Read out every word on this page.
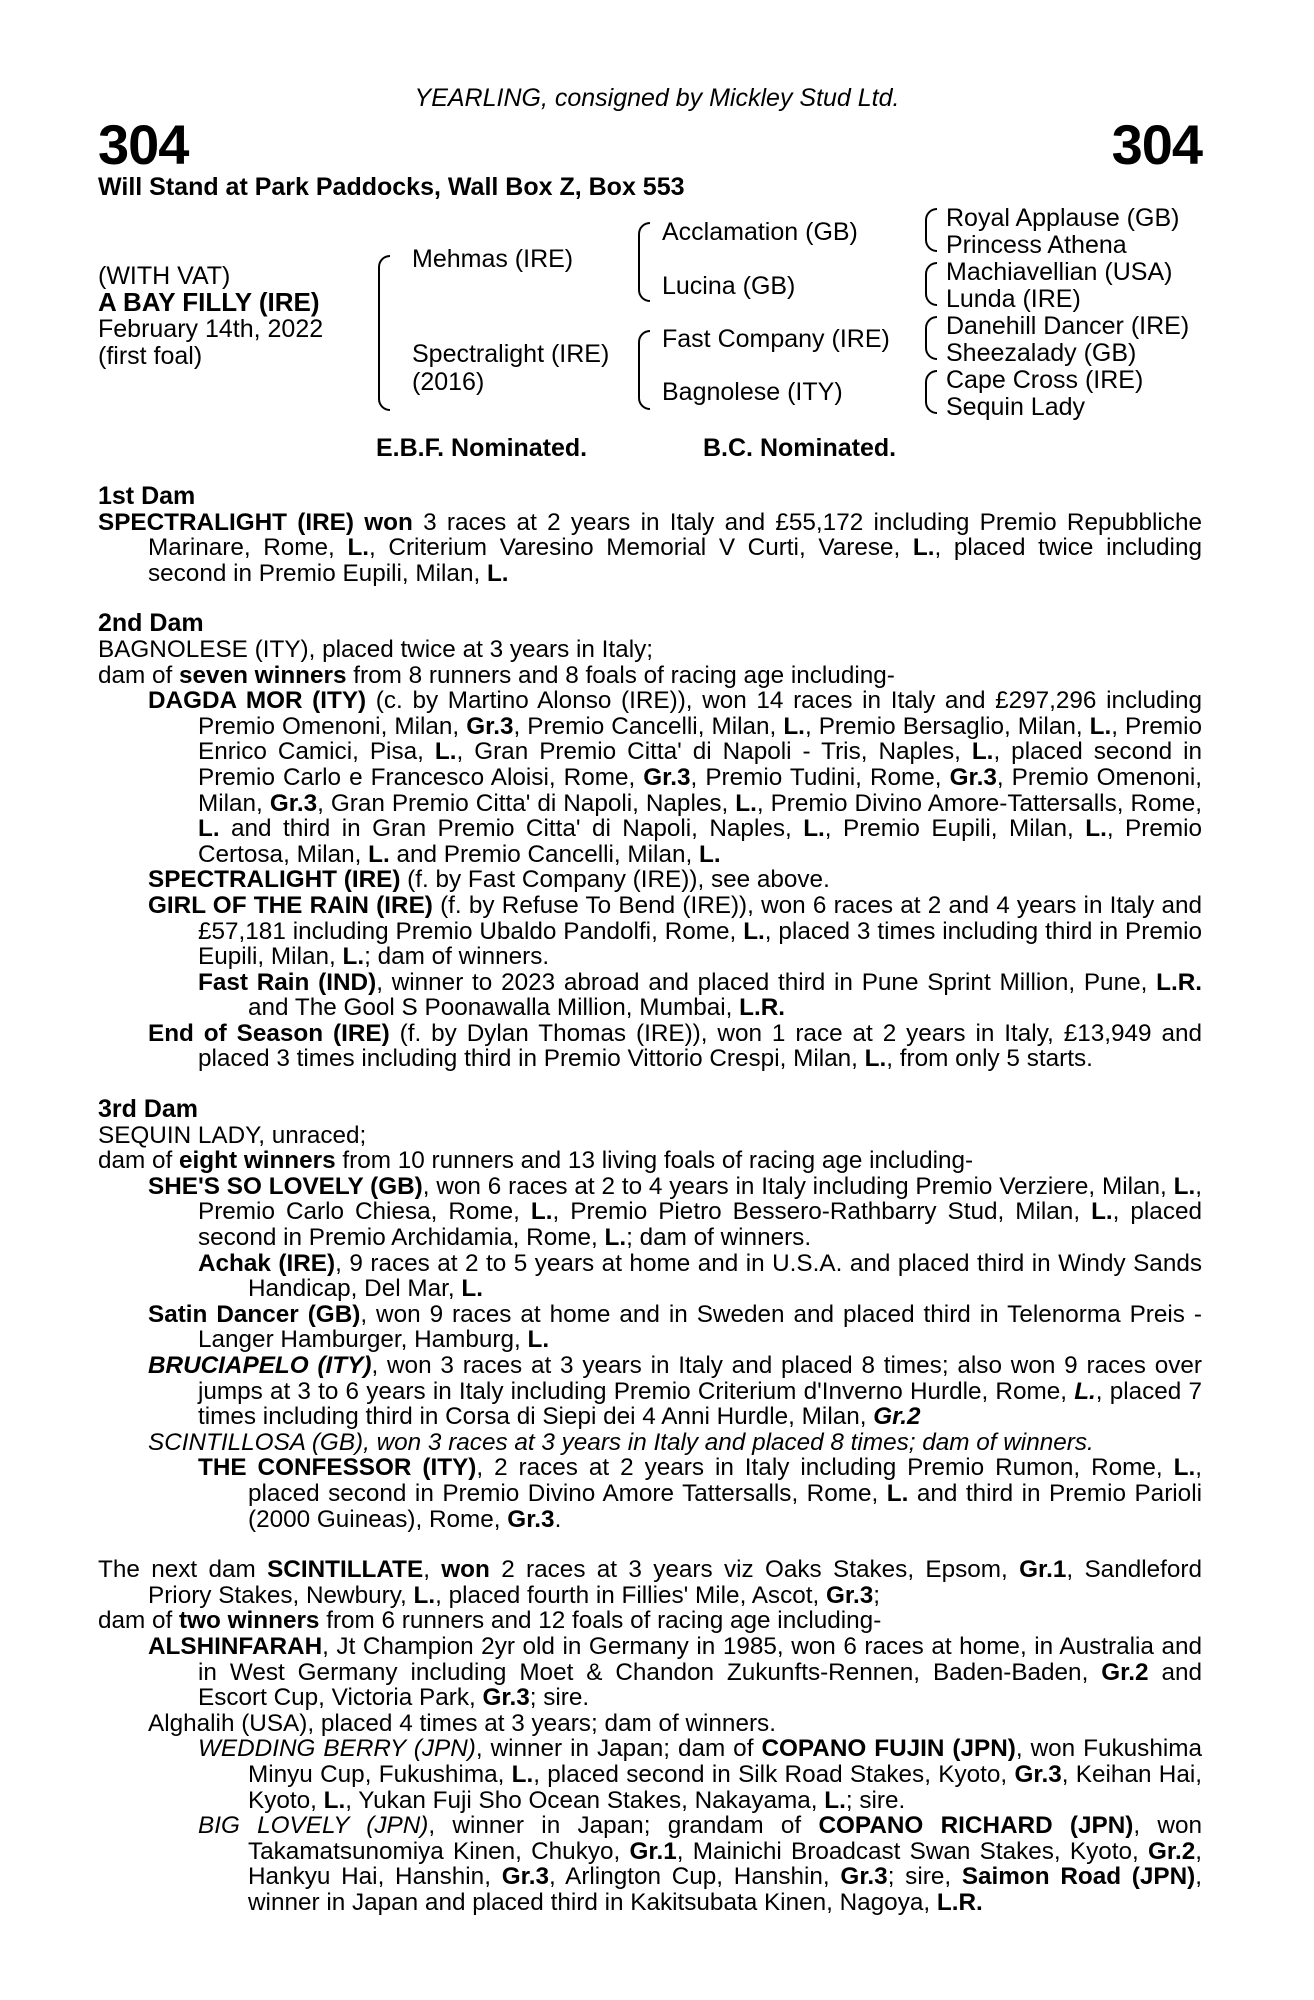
304
YEARLING, consigned by Mickley Stud Ltd.
304
Will Stand at Park Paddocks, Wall Box Z, Box 553
(WITH VAT)
A BAY FILLY (IRE)
February 14th, 2022
(first foal)
Mehmas (IRE)
Spectralight (IRE)
(2016)
Acclamation (GB)
Lucina (GB)
Fast Company (IRE)
Bagnolese (ITY)
Royal Applause (GB)
Princess Athena
Machiavellian (USA)
Lunda (IRE)
Danehill Dancer (IRE)
Sheezalady (GB)
Cape Cross (IRE)
Sequin Lady
E.B.F. Nominated.	B.C. Nominated.

1st Dam

SPECTRALIGHT (IRE) won 3 races at 2 years in Italy and £55,172 including Premio Repubbliche Marinare, Rome, L., Criterium Varesino Memorial V Curti, Varese, L., placed twice including second in Premio Eupili, Milan, L.

2nd Dam

BAGNOLESE (ITY), placed twice at 3 years in Italy;

dam of seven winners from 8 runners and 8 foals of racing age including-

DAGDA MOR (ITY) (c. by Martino Alonso (IRE)), won 14 races in Italy and £297,296 including Premio Omenoni, Milan, Gr.3, Premio Cancelli, Milan, L., Premio Bersaglio, Milan, L., Premio Enrico Camici, Pisa, L., Gran Premio Citta' di Napoli - Tris, Naples, L., placed second in Premio Carlo e Francesco Aloisi, Rome, Gr.3, Premio Tudini, Rome, Gr.3, Premio Omenoni, Milan, Gr.3, Gran Premio Citta' di Napoli, Naples, L., Premio Divino Amore-Tattersalls, Rome, L. and third in Gran Premio Citta' di Napoli, Naples, L., Premio Eupili, Milan, L., Premio Certosa, Milan, L. and Premio Cancelli, Milan, L.

SPECTRALIGHT (IRE) (f. by Fast Company (IRE)), see above.

GIRL OF THE RAIN (IRE) (f. by Refuse To Bend (IRE)), won 6 races at 2 and 4 years in Italy and £57,181 including Premio Ubaldo Pandolfi, Rome, L., placed 3 times including third in Premio Eupili, Milan, L.; dam of winners.

Fast Rain (IND), winner to 2023 abroad and placed third in Pune Sprint Million, Pune, L.R. and The Gool S Poonawalla Million, Mumbai, L.R.

End of Season (IRE) (f. by Dylan Thomas (IRE)), won 1 race at 2 years in Italy, £13,949 and placed 3 times including third in Premio Vittorio Crespi, Milan, L., from only 5 starts.

3rd Dam

SEQUIN LADY, unraced;

dam of eight winners from 10 runners and 13 living foals of racing age including-

SHE'S SO LOVELY (GB), won 6 races at 2 to 4 years in Italy including Premio Verziere, Milan, L., Premio Carlo Chiesa, Rome, L., Premio Pietro Bessero-Rathbarry Stud, Milan, L., placed second in Premio Archidamia, Rome, L.; dam of winners.

Achak (IRE), 9 races at 2 to 5 years at home and in U.S.A. and placed third in Windy Sands Handicap, Del Mar, L.

Satin Dancer (GB), won 9 races at home and in Sweden and placed third in Telenorma Preis - Langer Hamburger, Hamburg, L.

BRUCIAPELO (ITY), won 3 races at 3 years in Italy and placed 8 times; also won 9 races over jumps at 3 to 6 years in Italy including Premio Criterium d'Inverno Hurdle, Rome, L., placed 7 times including third in Corsa di Siepi dei 4 Anni Hurdle, Milan, Gr.2

SCINTILLOSA (GB), won 3 races at 3 years in Italy and placed 8 times; dam of winners.

THE CONFESSOR (ITY), 2 races at 2 years in Italy including Premio Rumon, Rome, L., placed second in Premio Divino Amore Tattersalls, Rome, L. and third in Premio Parioli (2000 Guineas), Rome, Gr.3.

The next dam SCINTILLATE, won 2 races at 3 years viz Oaks Stakes, Epsom, Gr.1, Sandleford Priory Stakes, Newbury, L., placed fourth in Fillies' Mile, Ascot, Gr.3;

dam of two winners from 6 runners and 12 foals of racing age including-

ALSHINFARAH, Jt Champion 2yr old in Germany in 1985, won 6 races at home, in Australia and in West Germany including Moet & Chandon Zukunfts-Rennen, Baden-Baden, Gr.2 and Escort Cup, Victoria Park, Gr.3; sire.

Alghalih (USA), placed 4 times at 3 years; dam of winners.

WEDDING BERRY (JPN), winner in Japan; dam of COPANO FUJIN (JPN), won Fukushima Minyu Cup, Fukushima, L., placed second in Silk Road Stakes, Kyoto, Gr.3, Keihan Hai, Kyoto, L., Yukan Fuji Sho Ocean Stakes, Nakayama, L.; sire.

BIG LOVELY (JPN), winner in Japan; grandam of COPANO RICHARD (JPN), won Takamatsunomiya Kinen, Chukyo, Gr.1, Mainichi Broadcast Swan Stakes, Kyoto, Gr.2, Hankyu Hai, Hanshin, Gr.3, Arlington Cup, Hanshin, Gr.3; sire, Saimon Road (JPN), winner in Japan and placed third in Kakitsubata Kinen, Nagoya, L.R.
